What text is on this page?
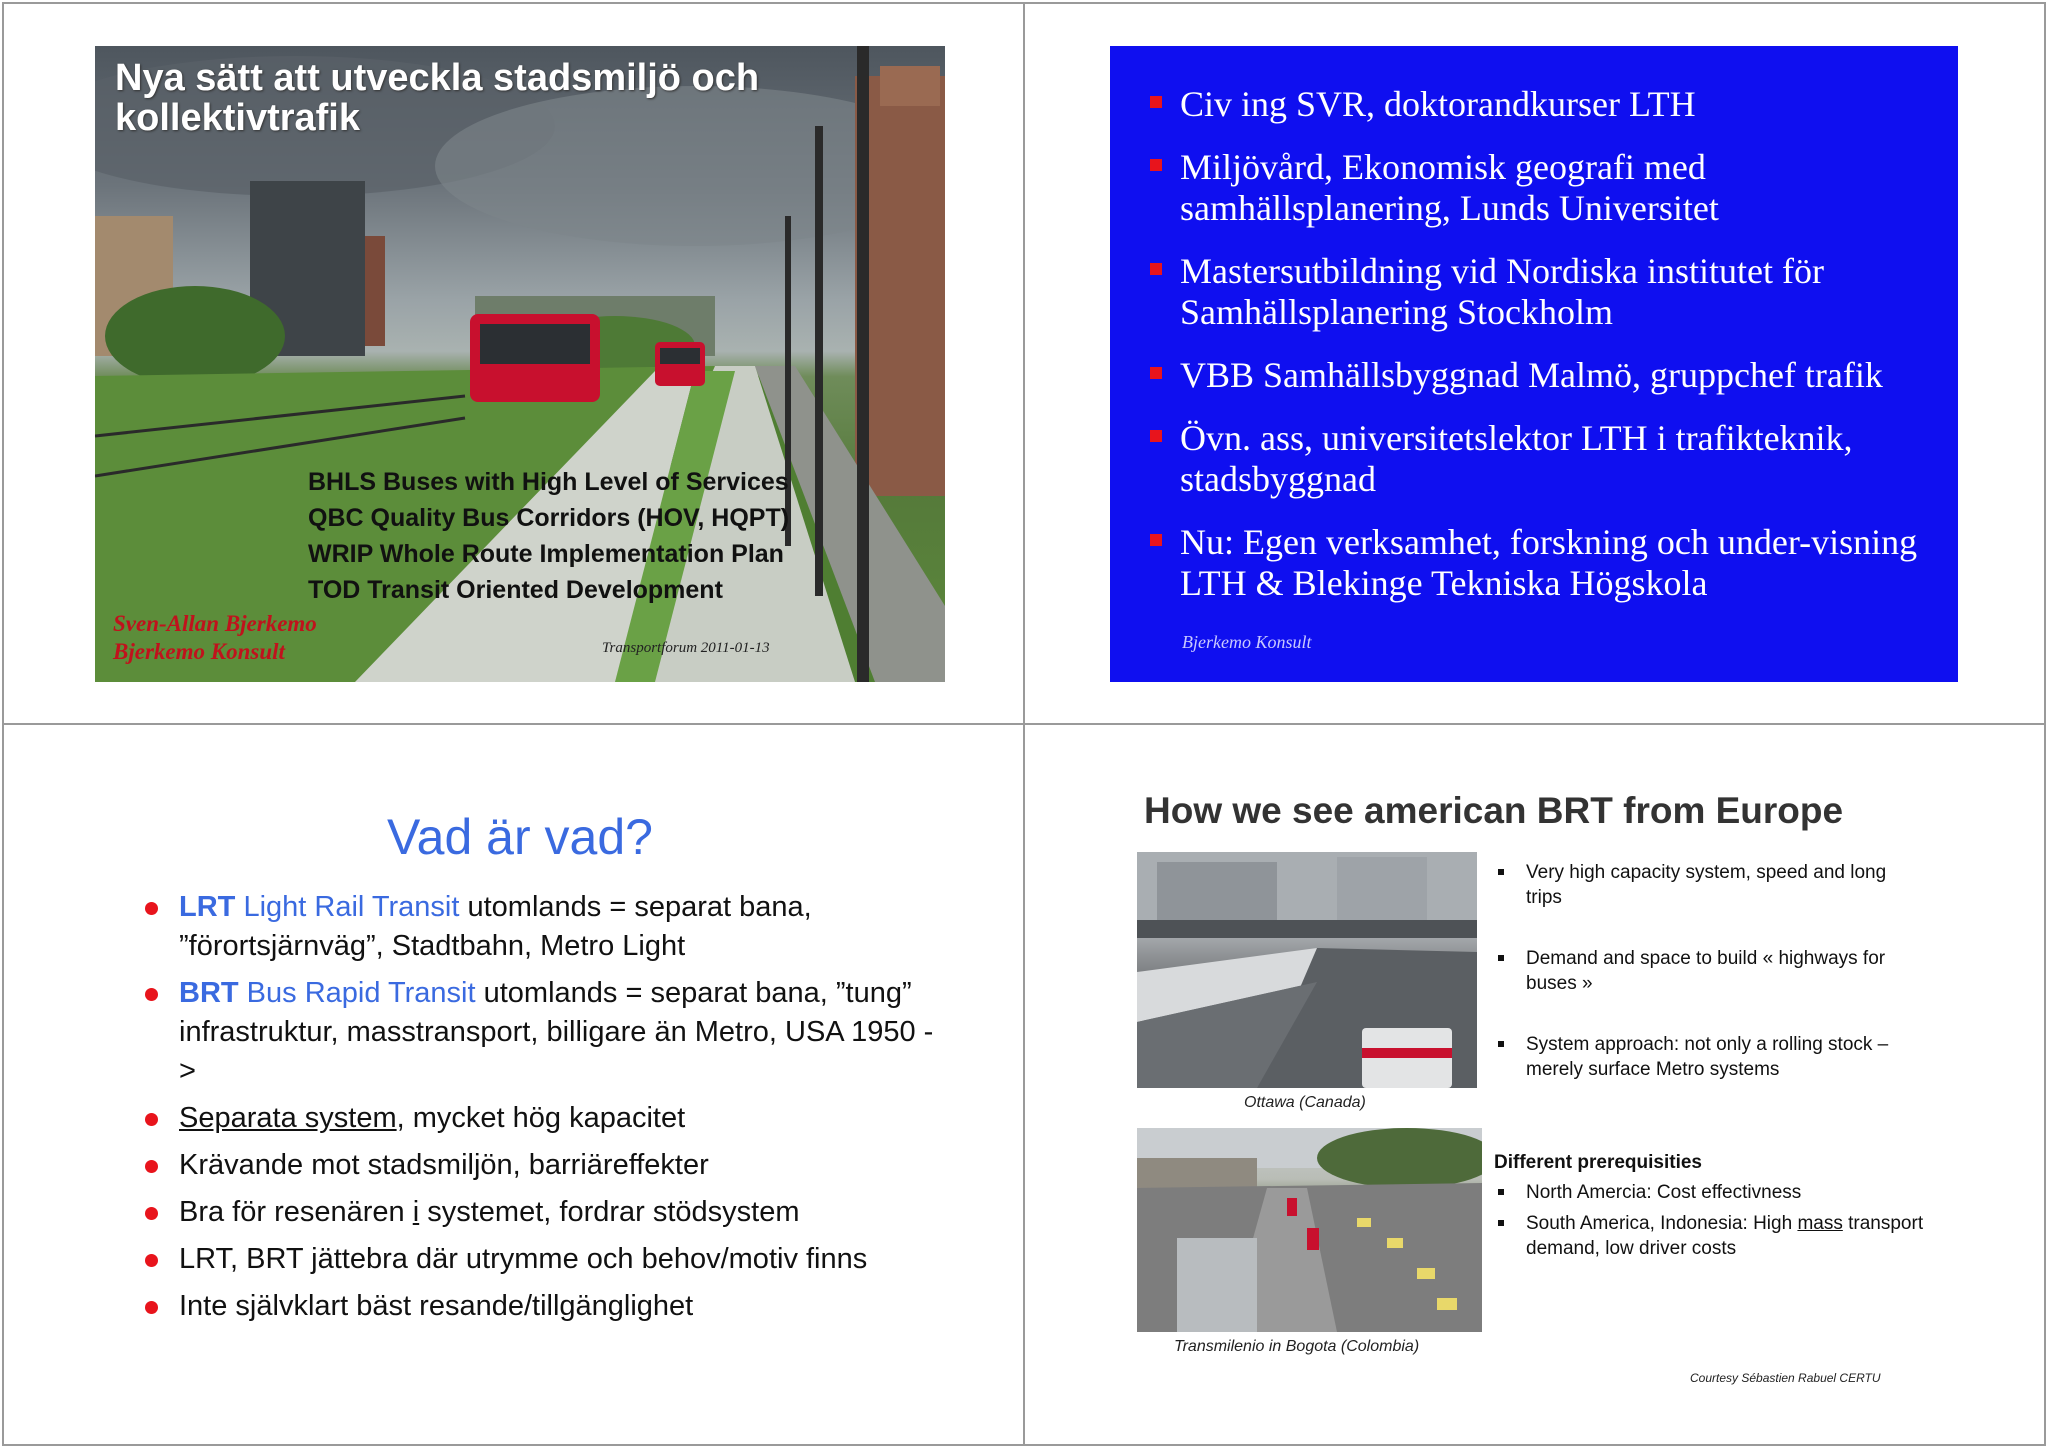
Nya sätt att utveckla stadsmiljö och kollektivtrafik
BHLS Buses with High Level of Services
QBC Quality Bus Corridors (HOV, HQPT)
WRIP Whole Route Implementation Plan
TOD Transit Oriented Development
Sven-Allan Bjerkemo
Bjerkemo Konsult	Transportforum 2011-01-13
Civ ing SVR, doktorandkurser LTH
Miljövård, Ekonomisk geografi med samhällsplanering, Lunds Universitet
Mastersutbildning vid Nordiska institutet för Samhällsplanering Stockholm
VBB Samhällsbyggnad Malmö, gruppchef trafik
Övn. ass, universitetslektor LTH i trafikteknik, stadsbyggnad
Nu: Egen verksamhet, forskning och under-visning LTH & Blekinge Tekniska Högskola
Bjerkemo Konsult
Vad är vad?
LRT Light Rail Transit utomlands = separat bana, ”förortsjärnväg”, Stadtbahn, Metro Light
BRT Bus Rapid Transit utomlands = separat bana, ”tung” infrastruktur, masstransport, billigare än Metro, USA 1950 ->
Separata system, mycket hög kapacitet
Krävande mot stadsmiljön, barriäreffekter
Bra för resenären i systemet, fordrar stödsystem
LRT, BRT jättebra där utrymme och behov/motiv finns
Inte självklart bäst resande/tillgänglighet
How we see american BRT from Europe
Ottawa (Canada)
Transmilenio in Bogota (Colombia)
Very high capacity system, speed and long trips
Demand and space to build « highways for buses »
System approach: not only a rolling stock – merely surface Metro systems
Different prerequisities
North Amercia: Cost effectivness
South America, Indonesia: High mass transport demand, low driver costs
Courtesy Sébastien Rabuel CERTU
